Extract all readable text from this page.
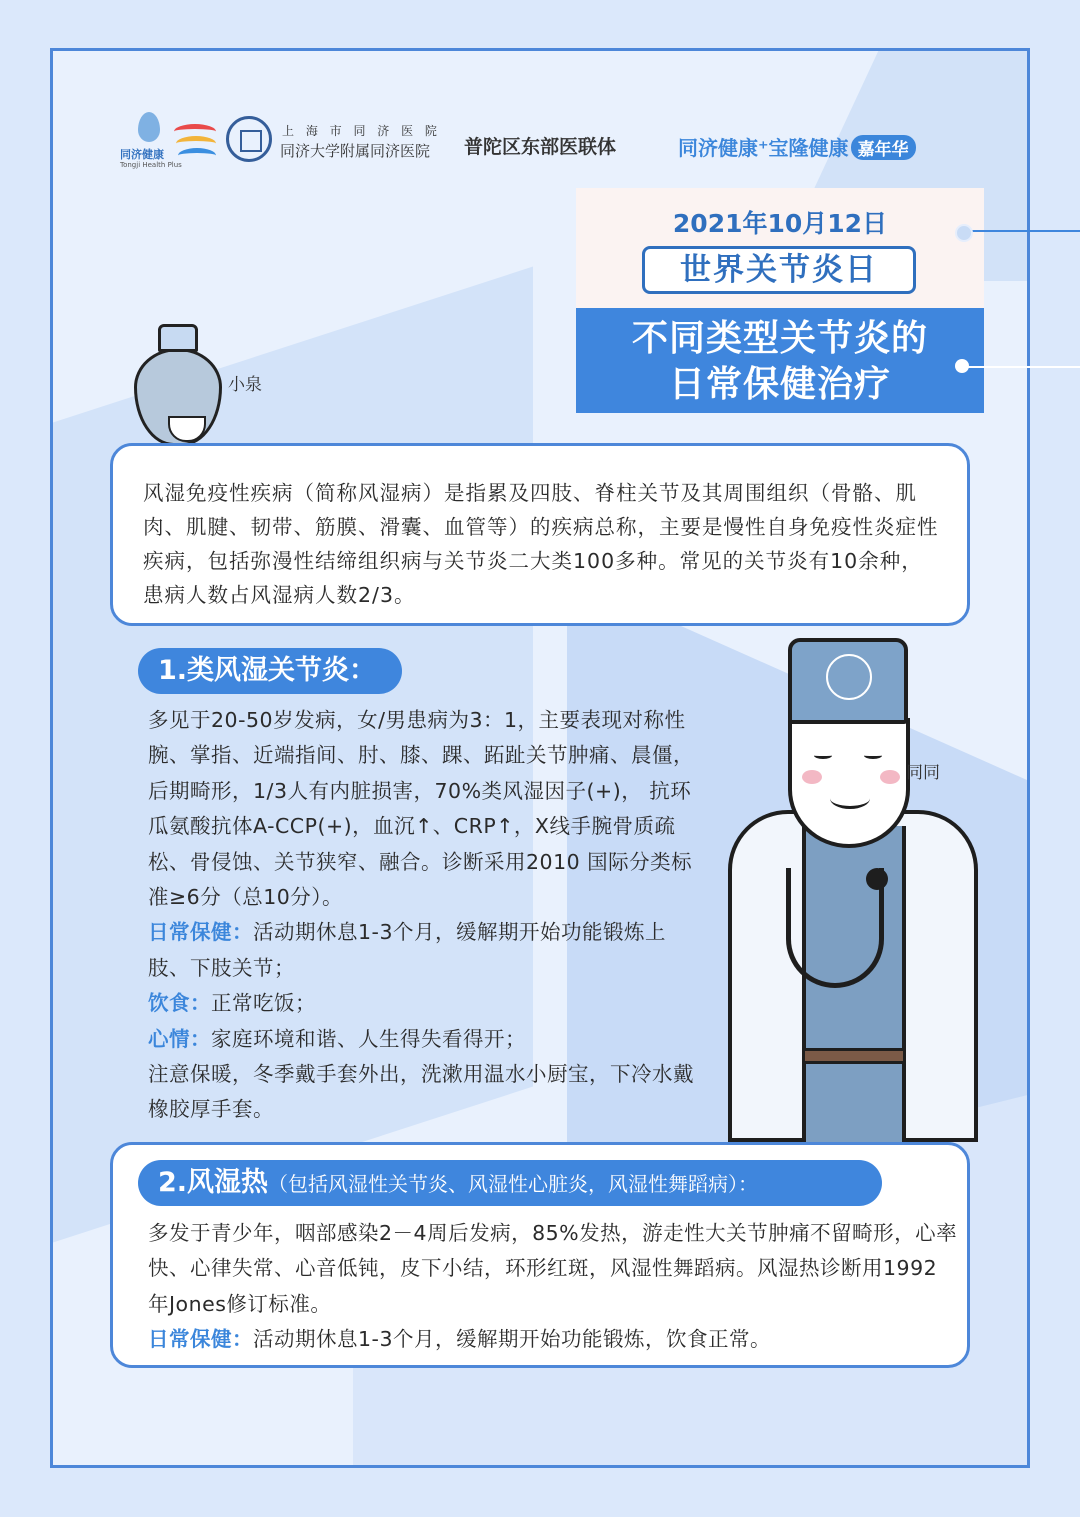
同济健康
Tongji Health Plus
上 海 市 同 济 医 院
同济大学附属同济医院 普陀区东部医联体	同济健康⁺宝隆健康 嘉年华
2021年10月12日
世界关节炎日
不同类型关节炎的
日常保健治疗
小泉
风湿免疫性疾病（简称风湿病）是指累及四肢、脊柱关节及其周围组织（骨骼、肌肉、肌腱、韧带、筋膜、滑囊、血管等）的疾病总称，主要是慢性自身免疫性炎症性疾病，包括弥漫性结缔组织病与关节炎二大类100多种。常见的关节炎有10余种，患病人数占风湿病人数2/3。
1.类风湿关节炎：

多见于20-50岁发病，女/男患病为3：1，主要表现对称性腕、掌指、近端指间、肘、膝、踝、跖趾关节肿痛、晨僵，后期畸形，1/3人有内脏损害，70%类风湿因子(+)， 抗环瓜氨酸抗体A-CCP(+)，血沉↑、CRP↑，X线手腕骨质疏松、骨侵蚀、关节狭窄、融合。诊断采用2010 国际分类标准≥6分（总10分）。

日常保健：活动期休息1-3个月，缓解期开始功能锻炼上肢、下肢关节；

饮食：正常吃饭；

心情：家庭环境和谐、人生得失看得开；

注意保暖，冬季戴手套外出，洗漱用温水小厨宝，下冷水戴橡胶厚手套。

同同
2.风湿热（包括风湿性关节炎、风湿性心脏炎，风湿性舞蹈病）：

多发于青少年，咽部感染2－4周后发病，85%发热，游走性大关节肿痛不留畸形，心率快、心律失常、心音低钝，皮下小结，环形红斑，风湿性舞蹈病。风湿热诊断用1992年Jones修订标准。

日常保健：活动期休息1-3个月，缓解期开始功能锻炼，饮食正常。
